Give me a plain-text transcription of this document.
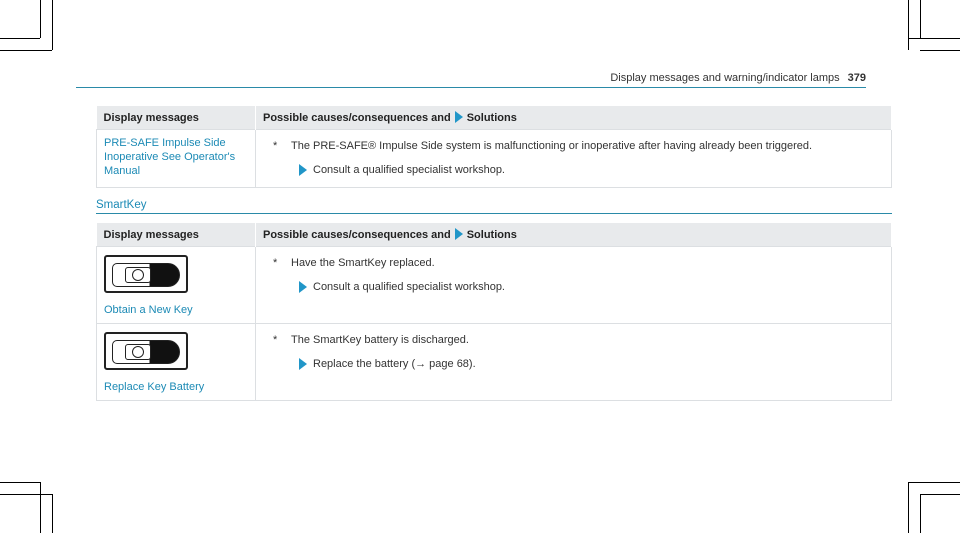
Display messages and warning/indicator lamps 379
Display messages	Possible causes/consequences and Solutions
PRE-SAFE Impulse Side Inoperative See Operator's Manual	* The PRE-SAFE® Impulse Side system is malfunctioning or inoperative after having already been triggered.
Consult a qualified specialist workshop.
SmartKey
Display messages	Possible causes/consequences and Solutions

Obtain a New Key	* Have the SmartKey replaced.
Consult a qualified specialist workshop.

Replace Key Battery	* The SmartKey battery is discharged.
Replace the battery (→ page 68).
